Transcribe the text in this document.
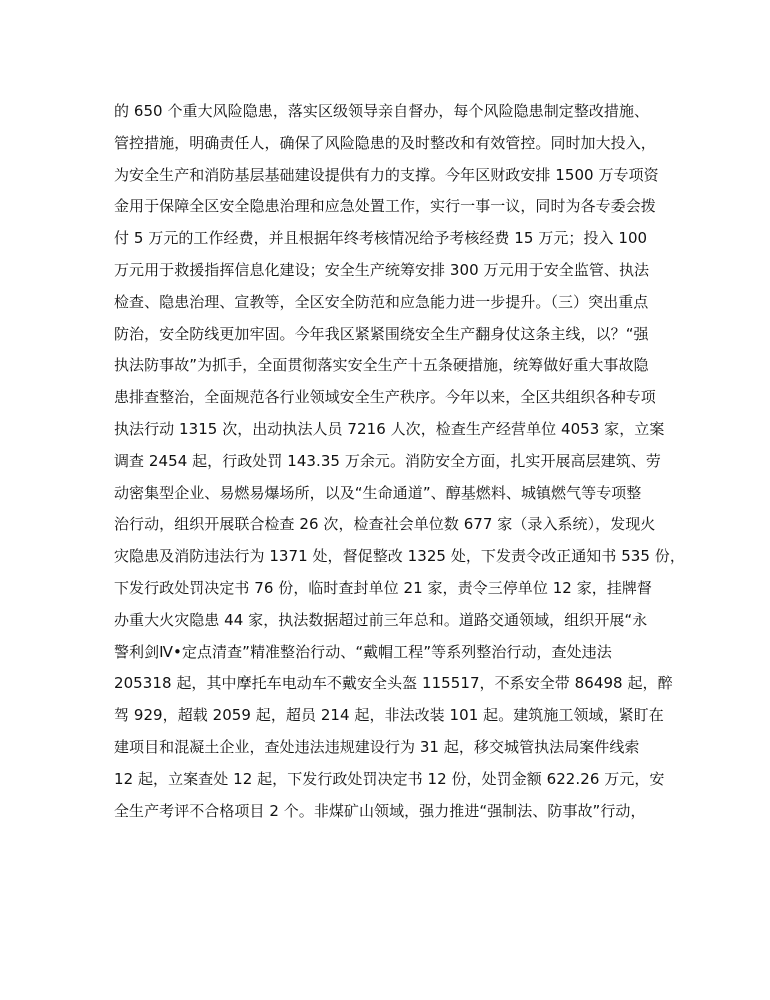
的 650 个重大风险隐患，落实区级领导亲自督办，每个风险隐患制定整改措施、
管控措施，明确责任人，确保了风险隐患的及时整改和有效管控。同时加大投入，
为安全生产和消防基层基础建设提供有力的支撑。今年区财政安排 1500 万专项资
金用于保障全区安全隐患治理和应急处置工作，实行一事一议，同时为各专委会拨
付 5 万元的工作经费，并且根据年终考核情况给予考核经费 15 万元；投入 100
万元用于救援指挥信息化建设；安全生产统筹安排 300 万元用于安全监管、执法
检查、隐患治理、宣教等，全区安全防范和应急能力进一步提升。（三）突出重点
防治，安全防线更加牢固。今年我区紧紧围绕安全生产翻身仗这条主线，以？“强
执法防事故”为抓手，全面贯彻落实安全生产十五条硬措施，统筹做好重大事故隐
患排查整治，全面规范各行业领域安全生产秩序。今年以来，全区共组织各种专项
执法行动 1315 次，出动执法人员 7216 人次，检查生产经营单位 4053 家，立案
调查 2454 起，行政处罚 143.35 万余元。消防安全方面，扎实开展高层建筑、劳
动密集型企业、易燃易爆场所，以及“生命通道”、醇基燃料、城镇燃气等专项整
治行动，组织开展联合检查 26 次，检查社会单位数 677 家（录入系统），发现火
灾隐患及消防违法行为 1371 处，督促整改 1325 处，下发责令改正通知书 535 份，
下发行政处罚决定书 76 份，临时查封单位 21 家，责令三停单位 12 家，挂牌督
办重大火灾隐患 44 家，执法数据超过前三年总和。道路交通领域，组织开展“永
警利剑Ⅳ•定点清查”精准整治行动、“戴帽工程”等系列整治行动，查处违法
205318 起，其中摩托车电动车不戴安全头盔 115517，不系安全带 86498 起，醉
驾 929，超载 2059 起，超员 214 起，非法改装 101 起。建筑施工领域，紧盯在
建项目和混凝土企业，查处违法违规建设行为 31 起，移交城管执法局案件线索
12 起，立案查处 12 起，下发行政处罚决定书 12 份，处罚金额 622.26 万元，安
全生产考评不合格项目 2 个。非煤矿山领域，强力推进“强制法、防事故”行动，
